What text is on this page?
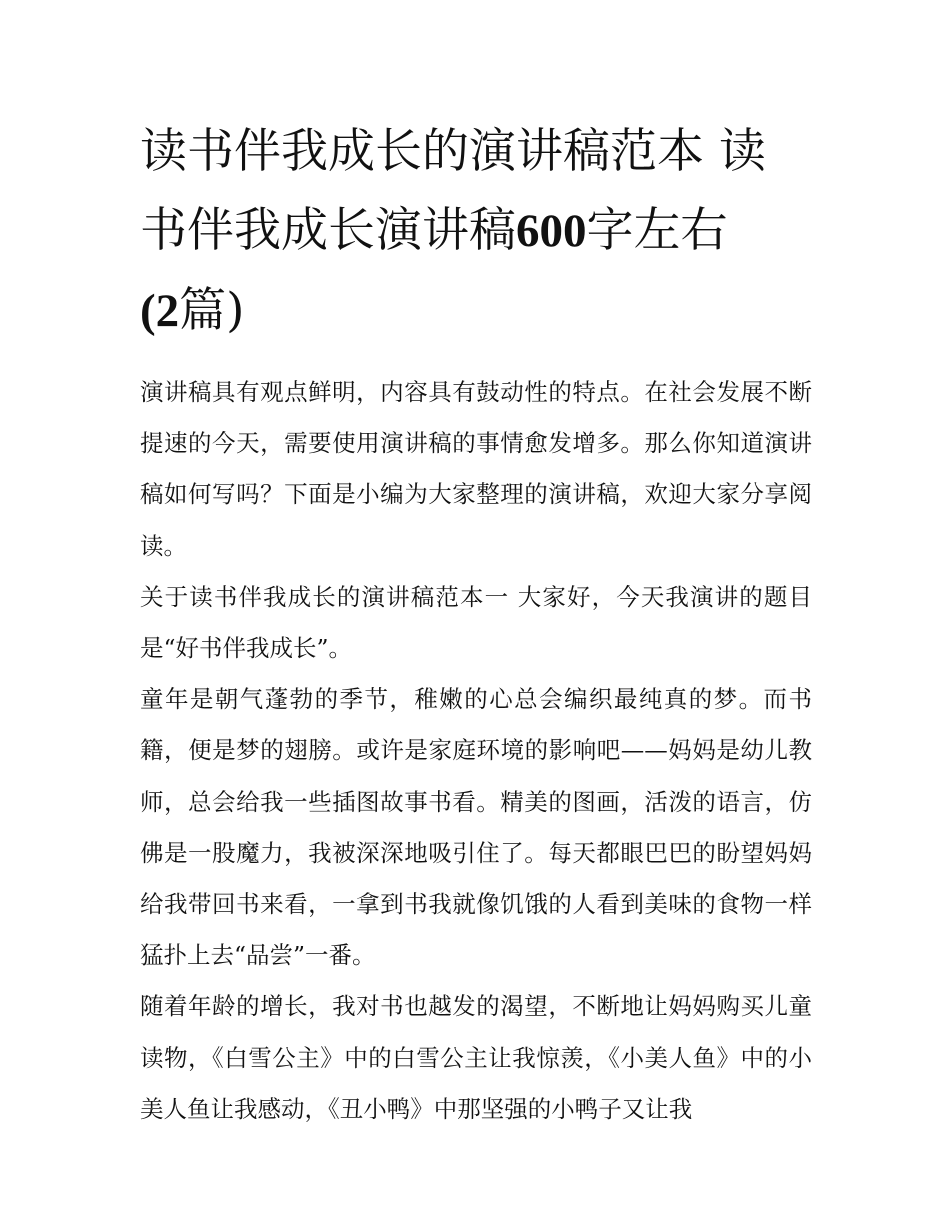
读书伴我成长的演讲稿范本 读书伴我成长演讲稿600字左右
(2篇)

演讲稿具有观点鲜明，内容具有鼓动性的特点。在社会发展不断提速的今天，需要使用演讲稿的事情愈发增多。那么你知道演讲稿如何写吗？下面是小编为大家整理的演讲稿，欢迎大家分享阅读。

关于读书伴我成长的演讲稿范本一 大家好，今天我演讲的题目是“好书伴我成长”。

童年是朝气蓬勃的季节，稚嫩的心总会编织最纯真的梦。而书籍，便是梦的翅膀。或许是家庭环境的影响吧——妈妈是幼儿教师，总会给我一些插图故事书看。精美的图画，活泼的语言，仿佛是一股魔力，我被深深地吸引住了。每天都眼巴巴的盼望妈妈给我带回书来看，一拿到书我就像饥饿的人看到美味的食物一样猛扑上去“品尝”一番。

随着年龄的增长，我对书也越发的渴望，不断地让妈妈购买儿童读物，《白雪公主》中的白雪公主让我惊羡，《小美人鱼》中的小美人鱼让我感动，《丑小鸭》中那坚强的小鸭子又让我
